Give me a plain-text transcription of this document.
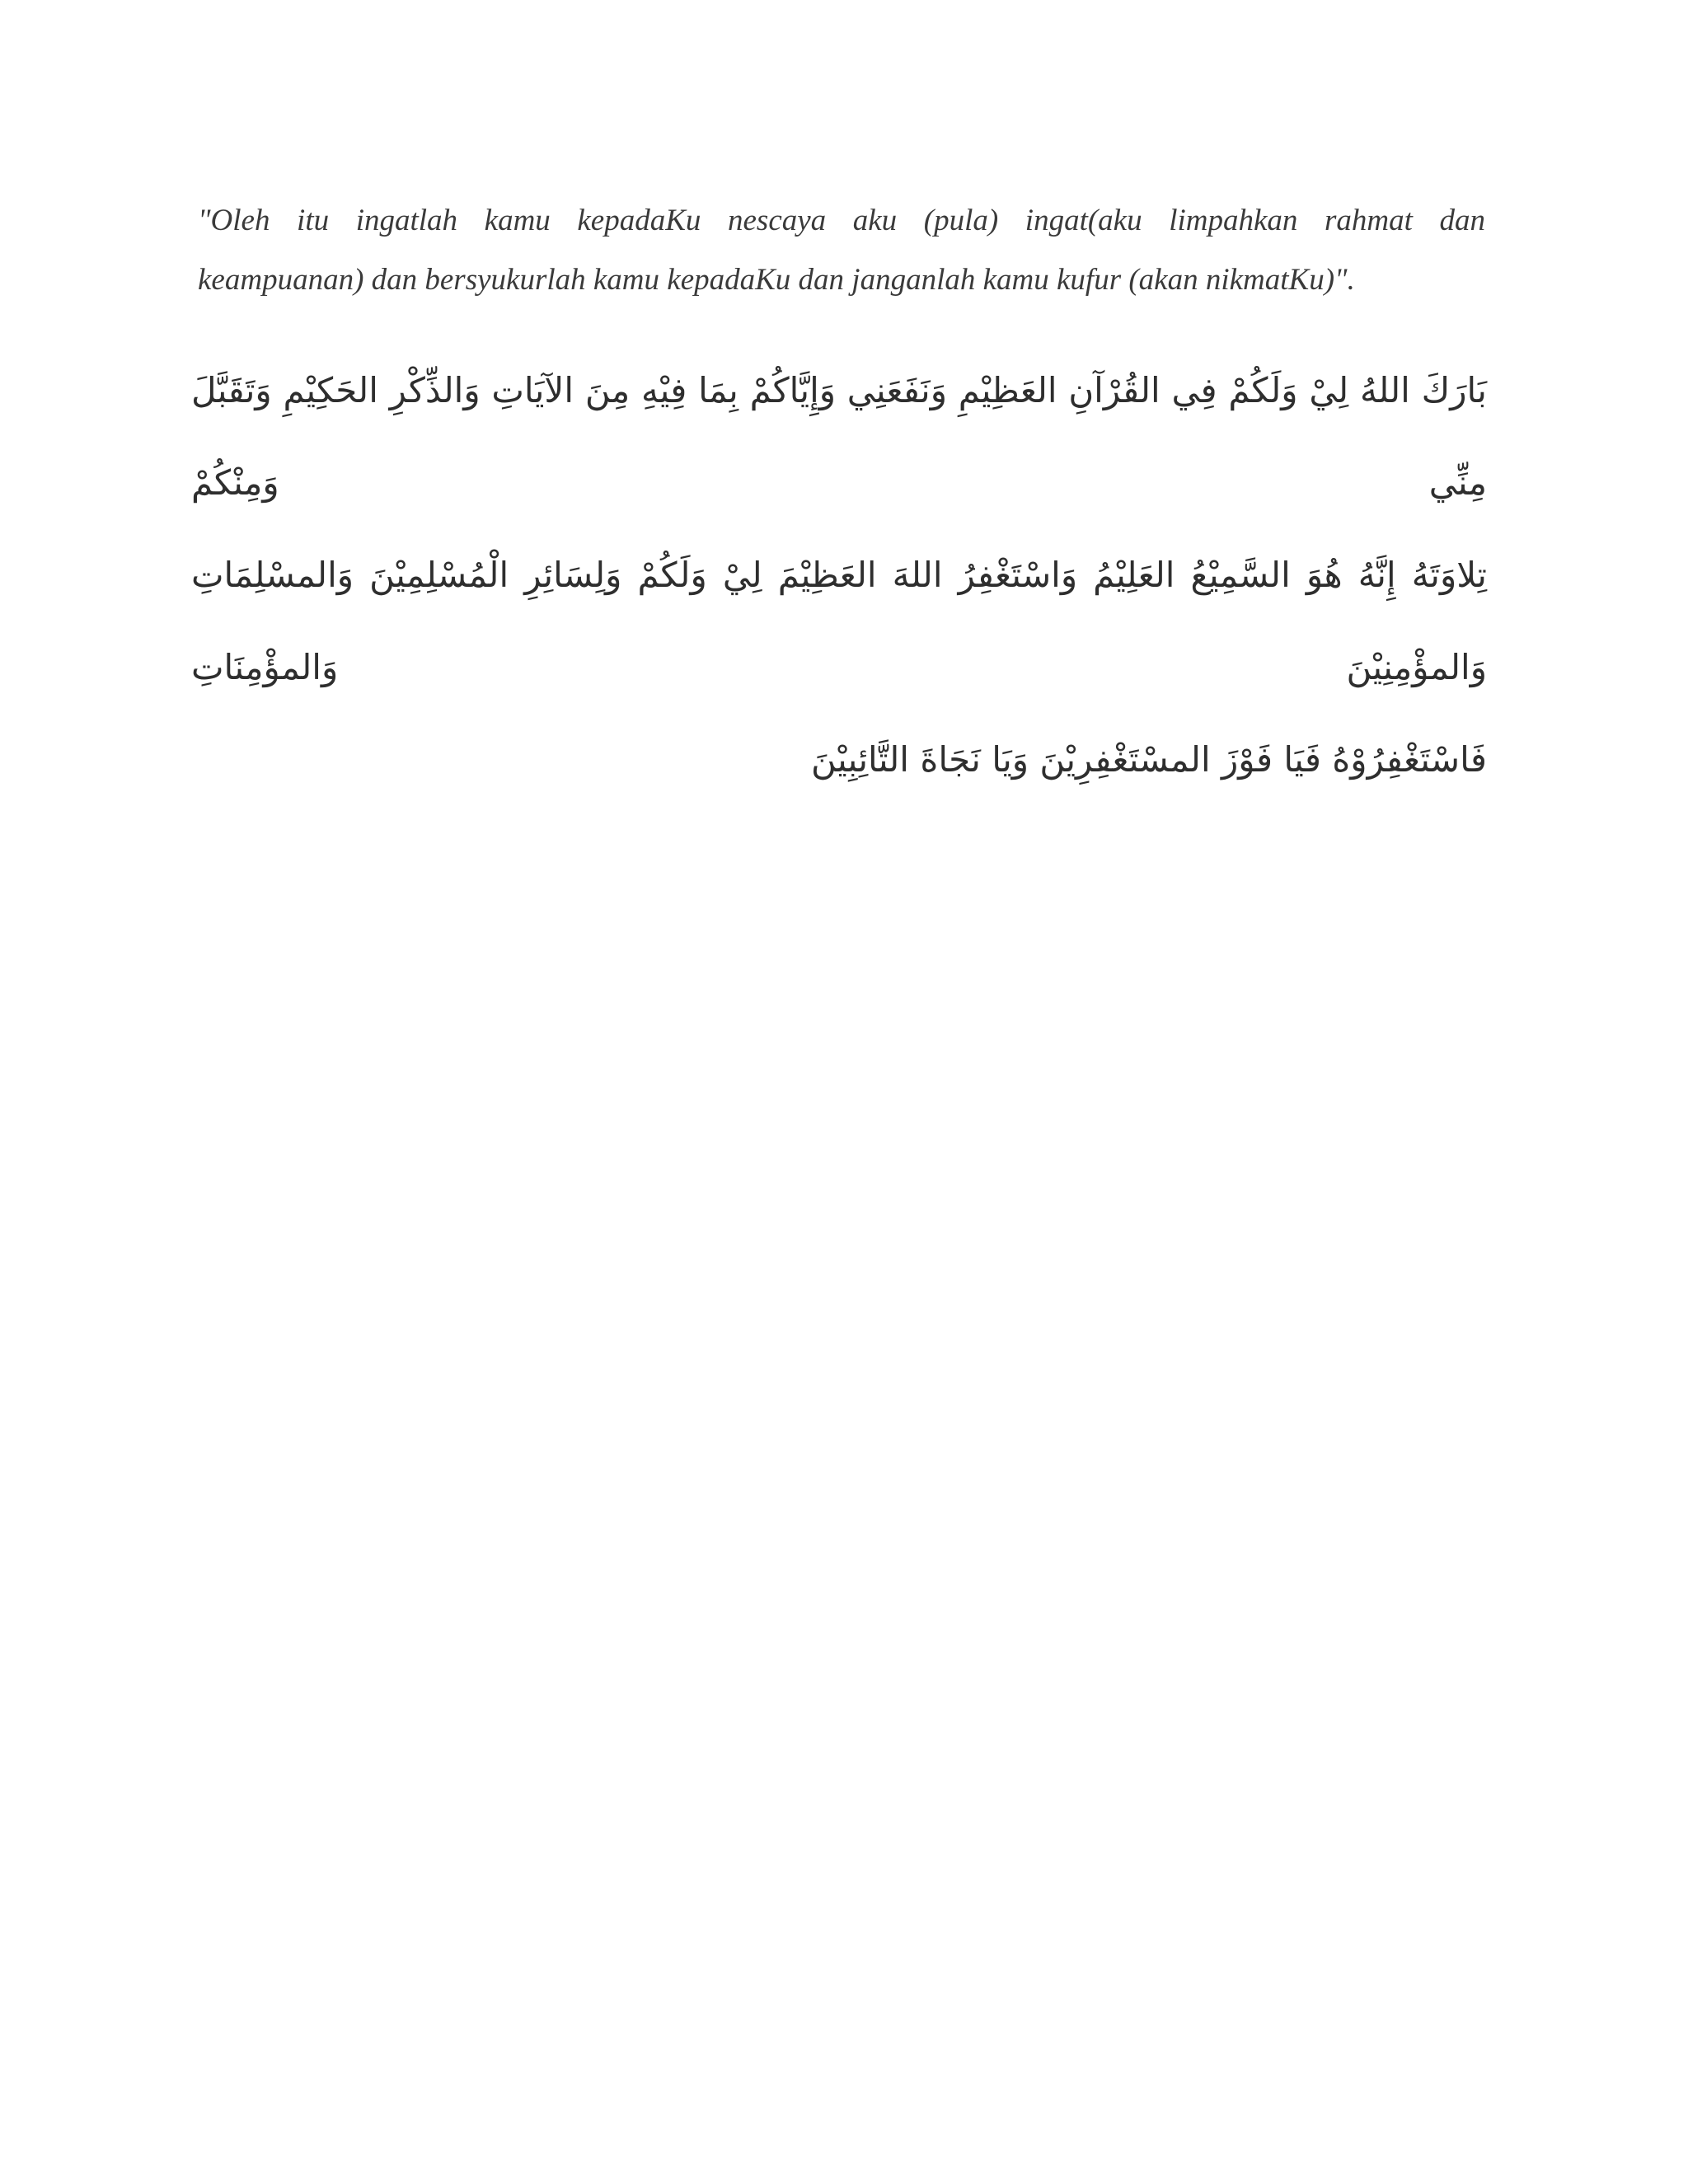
"Oleh itu ingatlah kamu kepadaKu nescaya aku (pula) ingat(aku limpahkan rahmat dan
keampuanan) dan bersyukurlah kamu kepadaKu dan janganlah kamu kufur (akan nikmatKu)".

بَارَكَ اللهُ لِيْ وَلَكُمْ فِي القُرْآنِ العَظِيْمِ وَنَفَعَنِي وَإِيَّاكُمْ بِمَا فِيْهِ مِنَ الآيَاتِ وَالذِّكْرِ الحَكِيْمِ وَتَقَبَّلَ مِنِّي وَمِنْكُمْ
تِلاوَتَهُ إِنَّهُ هُوَ السَّمِيْعُ العَلِيْمُ وَاسْتَغْفِرُ اللهَ العَظِيْمَ لِيْ وَلَكُمْ وَلِسَائِرِ الْمُسْلِمِيْنَ وَالمسْلِمَاتِ وَالمؤْمِنِيْنَ وَالمؤْمِنَاتِ
فَاسْتَغْفِرُوْهُ فَيَا فَوْزَ المسْتَغْفِرِيْنَ وَيَا نَجَاةَ التَّائِبِيْنَ
